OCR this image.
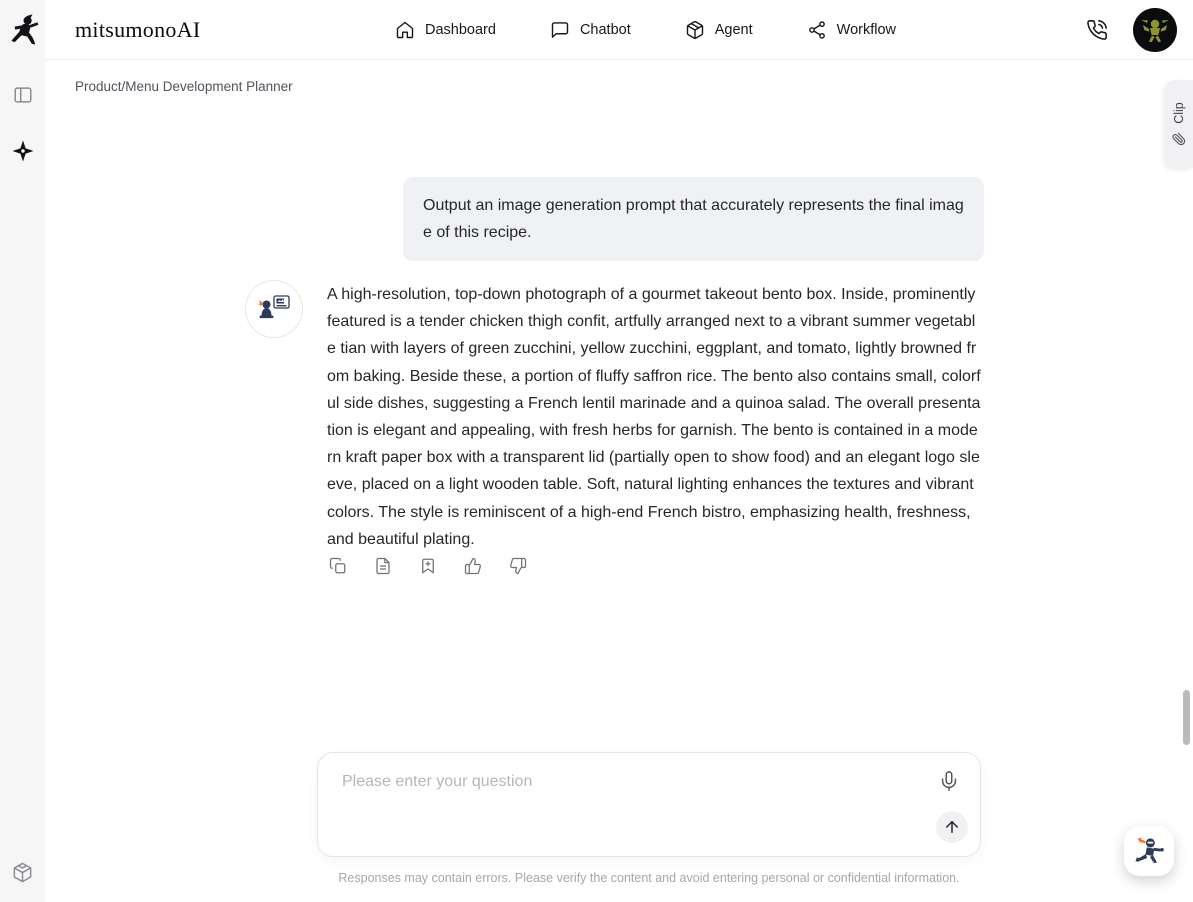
mitsumonoAI	Dashboard	Chatbot	Agent	Workflow
Product/Menu Development Planner
Clip
Output an image generation prompt that accurately represents the final image of this recipe.
A high-resolution, top-down photograph of a gourmet takeout bento box. Inside, prominently featured is a tender chicken thigh confit, artfully arranged next to a vibrant summer vegetable tian with layers of green zucchini, yellow zucchini, eggplant, and tomato, lightly browned from baking. Beside these, a portion of fluffy saffron rice. The bento also contains small, colorful side dishes, suggesting a French lentil marinade and a quinoa salad. The overall presentation is elegant and appealing, with fresh herbs for garnish. The bento is contained in a modern kraft paper box with a transparent lid (partially open to show food) and an elegant logo sleeve, placed on a light wooden table. Soft, natural lighting enhances the textures and vibrant colors. The style is reminiscent of a high-end French bistro, emphasizing health, freshness, and beautiful plating.
Please enter your question
Responses may contain errors. Please verify the content and avoid entering personal or confidential information.
